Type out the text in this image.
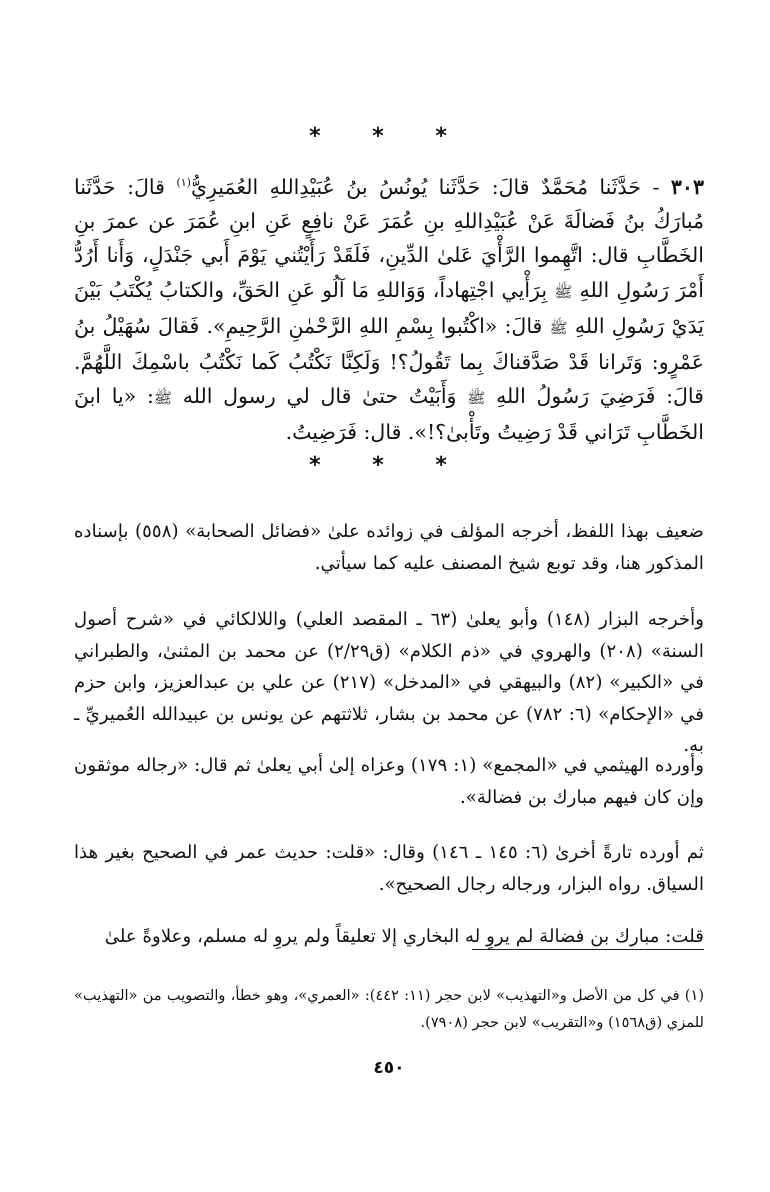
* * *
٣٠٣ - حَدَّثَنا مُحَمَّدٌ قالَ: حَدَّثَنا يُونُسُ بنُ عُبَيْدِاللهِ العُمَيرِيُّ$^{(١)}$ قالَ: حَدَّثَنا مُبارَكُ بنُ فَضالَةَ عَنْ عُبَيْدِاللهِ بنِ عُمَرَ عَنْ نافِعٍ عَنِ ابنِ عُمَرَ عن عمرَ بنِ الخَطَّابِ قال: اتَّهِموا الرَّأْيَ عَلىٰ الدِّينِ، فَلَقَدْ رَأَيْتُني يَوْمَ أَبي جَنْدَلٍ، وَأَنا أَرُدُّ أَمْرَ رَسُولِ اللهِ ﷺ بِرَأْيي اجْتِهاداً، وَوَاللهِ مَا آلُو عَنِ الحَقِّ، والكتابُ يُكْتَبُ بَيْنَ يَدَيْ رَسُولِ اللهِ ﷺ قالَ: «اكْتُبوا بِسْمِ اللهِ الرَّحْمٰنِ الرَّحِيمِ». فَقالَ سُهَيْلُ بنُ عَمْرٍو: وَتَرانا قَدْ صَدَّقناكَ بِما تَقُولُ؟! وَلَكِنَّا نَكْتُبُ كَما نَكْتُبُ باسْمِكَ اللَّهُمَّ. قالَ: فَرَضِيَ رَسُولُ اللهِ ﷺ وَأَبَيْتُ حتىٰ قال لي رسول الله ﷺ: «يا ابنَ الخَطَّابِ تَرَاني قَدْ رَضِيتُ وتَأْبىٰ؟!». قال: فَرَضِيتُ.
* * *

ضعيف بهذا اللفظ، أخرجه المؤلف في زوائده علىٰ «فضائل الصحابة» (٥٥٨) بإسناده المذكور هنا، وقد توبع شيخ المصنف عليه كما سيأتي.

وأخرجه البزار (١٤٨) وأبو يعلىٰ (٦٣ ـ المقصد العلي) واللالكائي في «شرح أصول السنة» (٢٠٨) والهروي في «ذم الكلام» (ق٢/٢٩) عن محمد بن المثنىٰ، والطبراني في «الكبير» (٨٢) والبيهقي في «المدخل» (٢١٧) عن علي بن عبدالعزيز، وابن حزم في «الإحكام» (٦: ٧٨٢) عن محمد بن بشار، ثلاثتهم عن يونس بن عبيدالله العُميريِّ ـ به.

وأورده الهيثمي في «المجمع» (١: ١٧٩) وعزاه إلىٰ أبي يعلىٰ ثم قال: «رجاله موثقون وإن كان فيهم مبارك بن فضالة».

ثم أورده تارةً أخرىٰ (٦: ١٤٥ ـ ١٤٦) وقال: «قلت: حديث عمر في الصحيح بغير هذا السياق. رواه البزار، ورجاله رجال الصحيح».

قلت: مبارك بن فضالة لم يروِ له البخاري إلا تعليقاً ولم يروِ له مسلم، وعلاوةً علىٰ

(١) في كل من الأصل و«التهذيب» لابن حجر (١١: ٤٤٢): «العمري»، وهو خطأ، والتصويب من «التهذيب» للمزي (ق١٥٦٨) و«التقريب» لابن حجر (٧٩٠٨).

٤٥٠
